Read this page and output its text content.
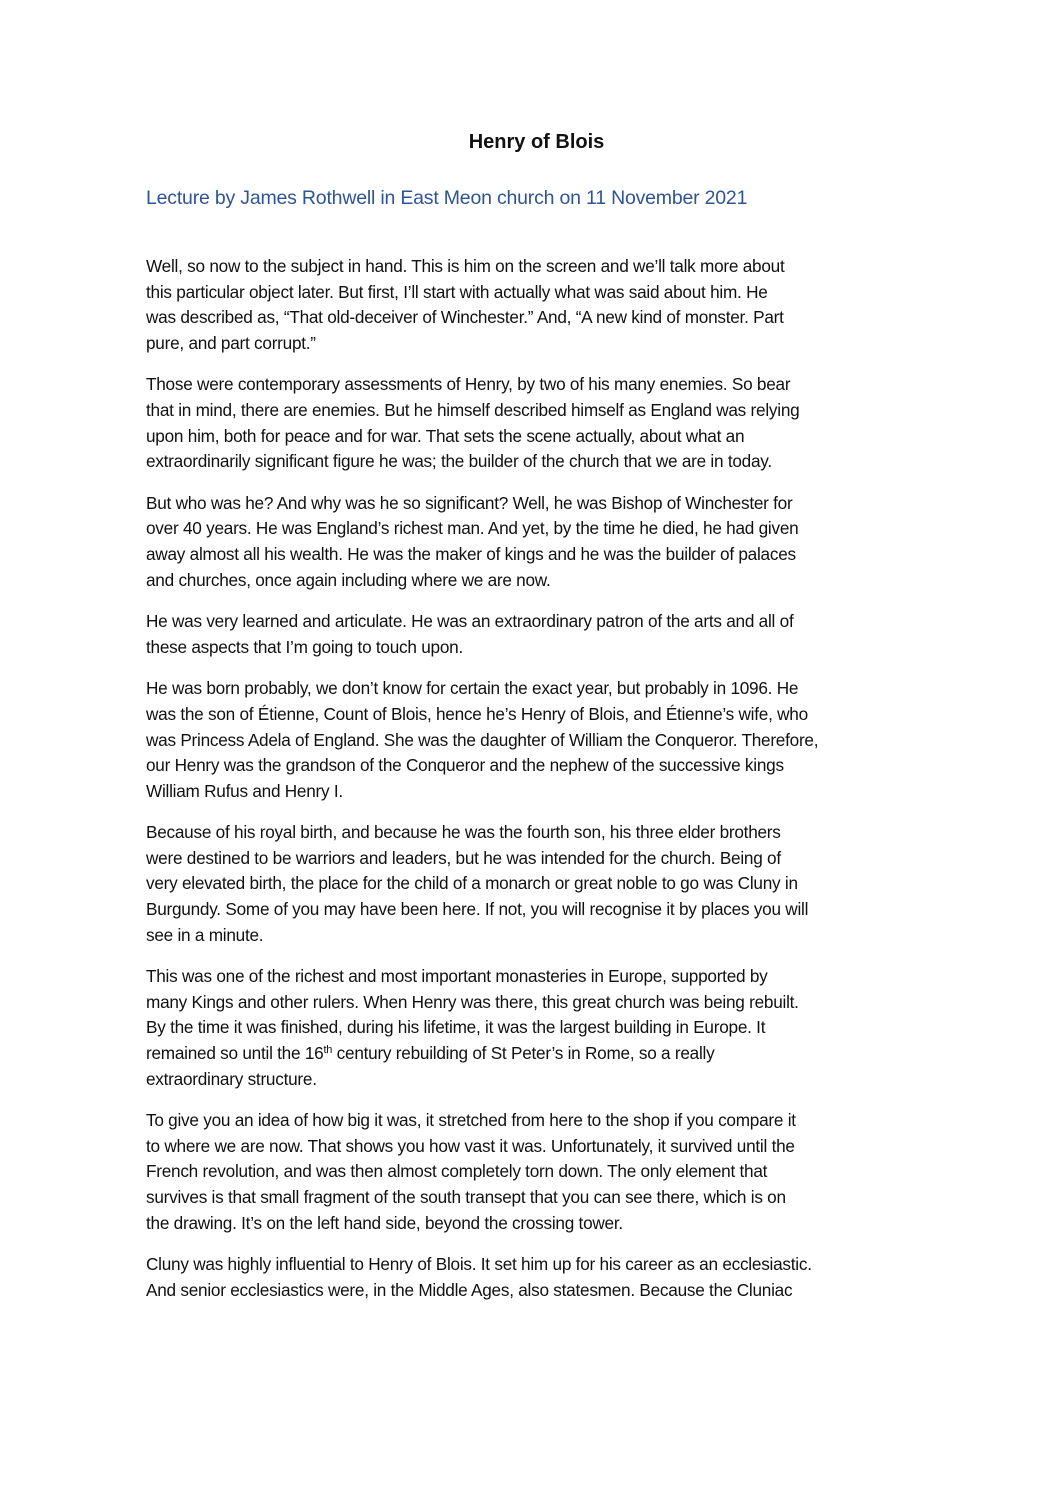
Henry of Blois

Lecture by James Rothwell in East Meon church on 11 November 2021

Well, so now to the subject in hand. This is him on the screen and we’ll talk more about
this particular object later. But first, I’ll start with actually what was said about him. He
was described as, “That old-deceiver of Winchester.” And, “A new kind of monster. Part
pure, and part corrupt.”

Those were contemporary assessments of Henry, by two of his many enemies. So bear
that in mind, there are enemies. But he himself described himself as England was relying
upon him, both for peace and for war. That sets the scene actually, about what an
extraordinarily significant figure he was; the builder of the church that we are in today.

But who was he? And why was he so significant? Well, he was Bishop of Winchester for
over 40 years. He was England’s richest man. And yet, by the time he died, he had given
away almost all his wealth. He was the maker of kings and he was the builder of palaces
and churches, once again including where we are now.

He was very learned and articulate. He was an extraordinary patron of the arts and all of
these aspects that I’m going to touch upon.

He was born probably, we don’t know for certain the exact year, but probably in 1096. He
was the son of Étienne, Count of Blois, hence he’s Henry of Blois, and Étienne’s wife, who
was Princess Adela of England. She was the daughter of William the Conqueror. Therefore,
our Henry was the grandson of the Conqueror and the nephew of the successive kings
William Rufus and Henry I.

Because of his royal birth, and because he was the fourth son, his three elder brothers
were destined to be warriors and leaders, but he was intended for the church. Being of
very elevated birth, the place for the child of a monarch or great noble to go was Cluny in
Burgundy. Some of you may have been here. If not, you will recognise it by places you will
see in a minute.

This was one of the richest and most important monasteries in Europe, supported by
many Kings and other rulers. When Henry was there, this great church was being rebuilt.
By the time it was finished, during his lifetime, it was the largest building in Europe. It
remained so until the 16th century rebuilding of St Peter’s in Rome, so a really
extraordinary structure.

To give you an idea of how big it was, it stretched from here to the shop if you compare it
to where we are now. That shows you how vast it was. Unfortunately, it survived until the
French revolution, and was then almost completely torn down. The only element that
survives is that small fragment of the south transept that you can see there, which is on
the drawing. It’s on the left hand side, beyond the crossing tower.

Cluny was highly influential to Henry of Blois. It set him up for his career as an ecclesiastic.
And senior ecclesiastics were, in the Middle Ages, also statesmen. Because the Cluniac
